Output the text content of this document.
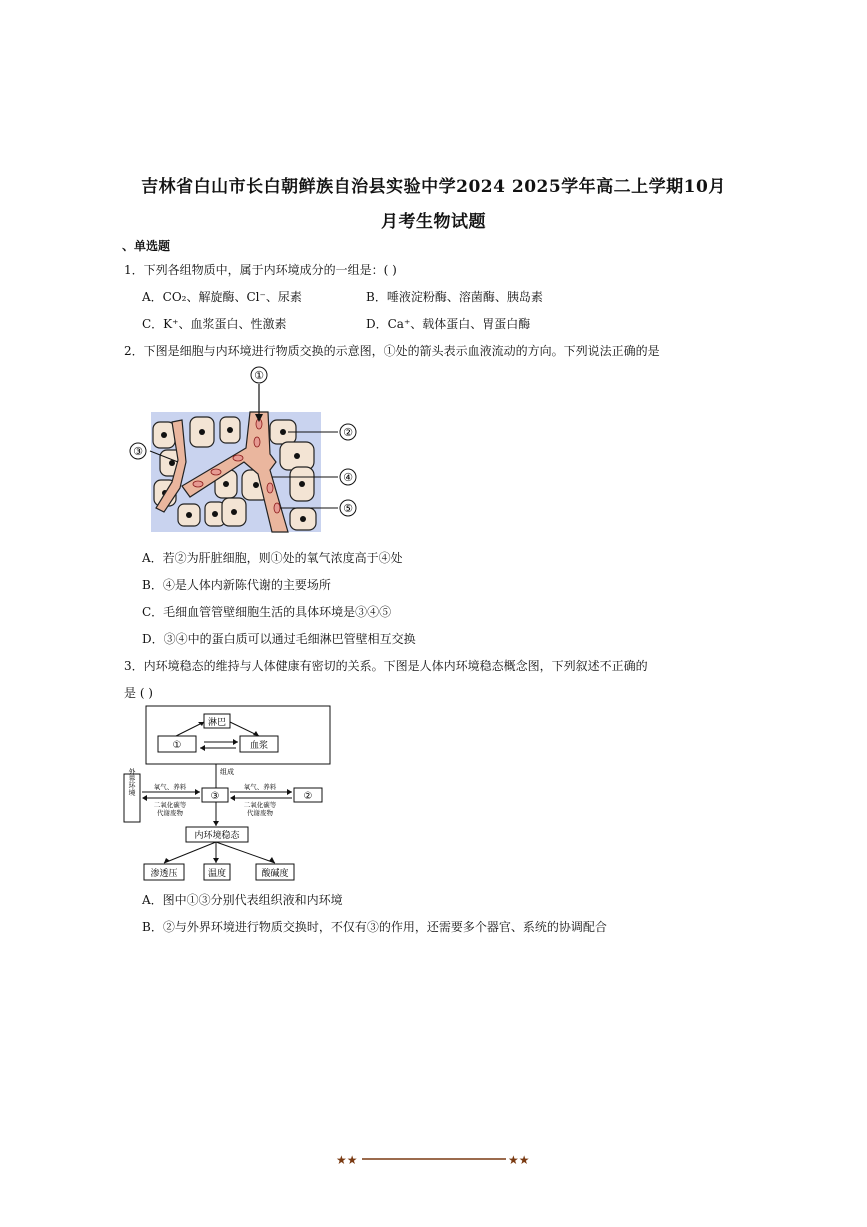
吉林省白山市长白朝鲜族自治县实验中学2024 2025学年高二上学期10月
月考生物试题
、单选题
1．下列各组物质中，属于内环境成分的一组是：( )
A．CO₂、解旋酶、Cl⁻、尿素	B．唾液淀粉酶、溶菌酶、胰岛素
C．K⁺、血浆蛋白、性激素	D．Ca⁺、载体蛋白、胃蛋白酶
2．下图是细胞与内环境进行物质交换的示意图，①处的箭头表示血液流动的方向。下列说法正确的是
①
②
③
④
⑤
A．若②为肝脏细胞，则①处的氧气浓度高于④处
B．④是人体内新陈代谢的主要场所
C．毛细血管管壁细胞生活的具体环境是③④⑤
D．③④中的蛋白质可以通过毛细淋巴管壁相互交换
3．内环境稳态的维持与人体健康有密切的关系。下图是人体内环境稳态概念图，下列叙述不正确的
是 ( )
淋巴
①	血浆
组成
外界环境
③	②
氧气、养料
二氧化碳等
代谢废物
氧气、养料
二氧化碳等
代谢废物
内环境稳态
渗透压	温度	酸碱度
A．图中①③分别代表组织液和内环境
B．②与外界环境进行物质交换时，不仅有③的作用，还需要多个器官、系统的协调配合
★★	★★
